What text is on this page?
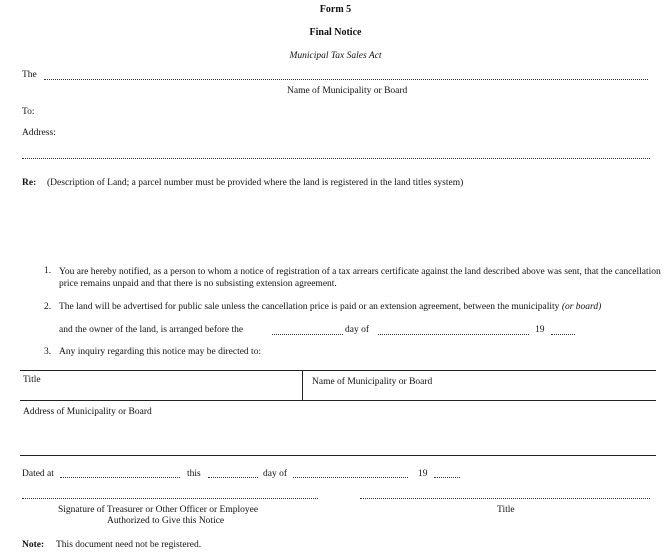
Form 5
Final Notice
Municipal Tax Sales Act
The
Name of Municipality or Board
To:
Address:
Re: (Description of Land; a parcel number must be provided where the land is registered in the land titles system)
1. You are hereby notified, as a person to whom a notice of registration of a tax arrears certificate against the land described above was sent, that the cancellation price remains unpaid and that there is no subsisting extension agreement.
2. The land will be advertised for public sale unless the cancellation price is paid or an extension agreement, between the municipality (or board)
and the owner of the land, is arranged before the	day of	19
3. Any inquiry regarding this notice may be directed to:
Title	Name of Municipality or Board
Address of Municipality or Board
Dated at	this	day of	19
Signature of Treasurer or Other Officer or Employee
Authorized to Give this Notice
Title
Note: This document need not be registered.
